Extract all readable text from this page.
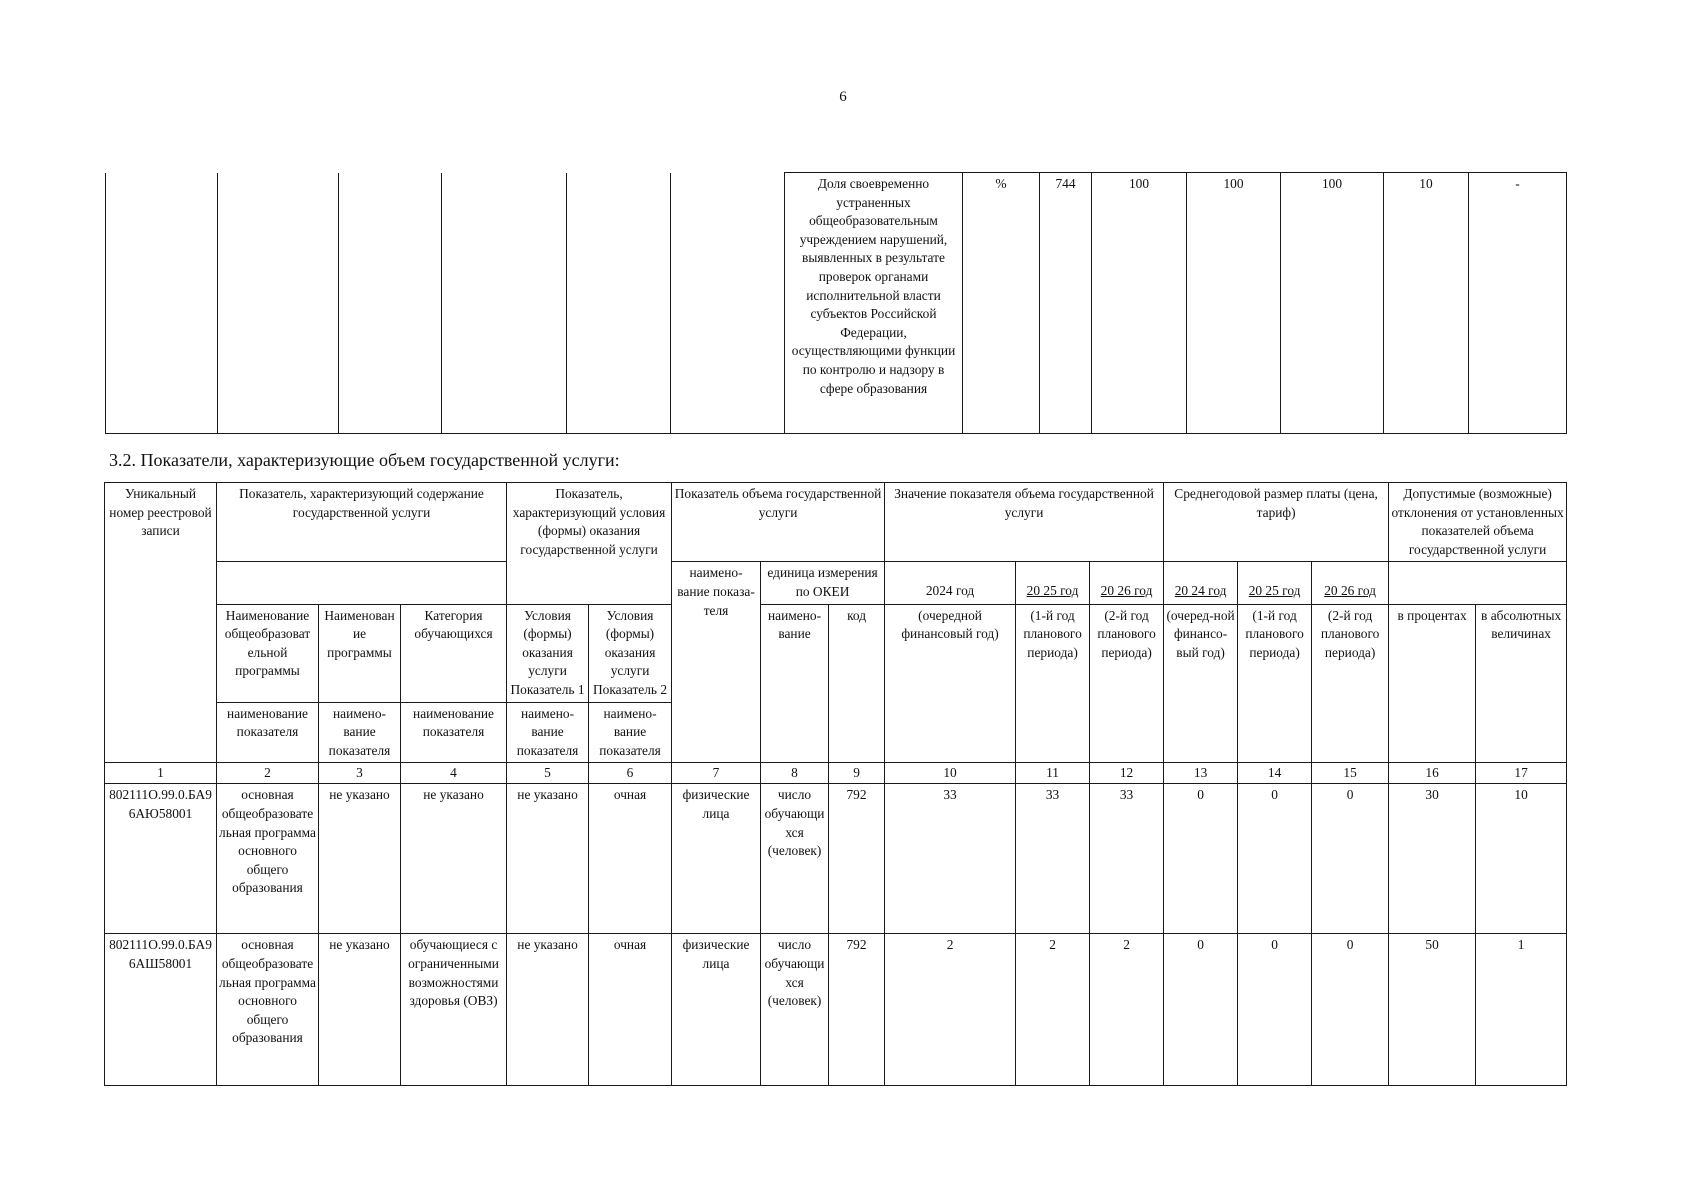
6
						Доля своевременно устраненных общеобразовательным учреждением нарушений, выявленных в результате проверок органами исполнительной власти субъектов Российской Федерации, осуществляющими функции по контролю и надзору в сфере образования	%	744	100	100	100	10	-
3.2. Показатели, характеризующие объем государственной услуги:
Уникальный номер реестровой записи	Показатель, характеризующий содержание государственной услуги			Показатель, характеризующий условия (формы) оказания государственной услуги		Показатель объема государственной услуги			Значение показателя объема государственной услуги			Среднегодовой размер платы (цена, тариф)			Допустимые (возможные) отклонения от установленных показателей объема государственной услуги	
						наимено-вание показа-теля	единица измерения по ОКЕИ		2024 год	20 25 год	20 26 год	20 24 год	20 25 год	20 26 год		

	Наименование общеобразоват ельной программы	Наименован ие программы	Категория обучающихся	Условия (формы) оказания услуги Показатель 1	Условия (формы) оказания услуги Показатель 2		наимено-вание	код	(очередной финансовый год)	(1-й год планового периода)	(2-й год планового периода)	(очеред-ной финансо-вый год)	(1-й год планового периода)	(2-й год планового периода)	в процентах	в абсолютных величинах
	наименование показателя	наимено-вание показателя	наименование показателя	наимено-вание показателя	наимено-вание показателя											
1	2	3	4	5	6	7	8	9	10	11	12	13	14	15	16	17
802111О.99.0.БА96АЮ58001	основная общеобразовательная программа основного общего образования	не указано	не указано	не указано	очная	физические лица	число обучающихся (человек)	792	33	33	33	0	0	0	30	10
802111О.99.0.БА96АШ58001	основная общеобразовательная программа основного общего образования	не указано	обучающиеся с ограниченными возможностями здоровья (ОВЗ)	не указано	очная	физические лица	число обучающихся (человек)	792	2	2	2	0	0	0	50	1
